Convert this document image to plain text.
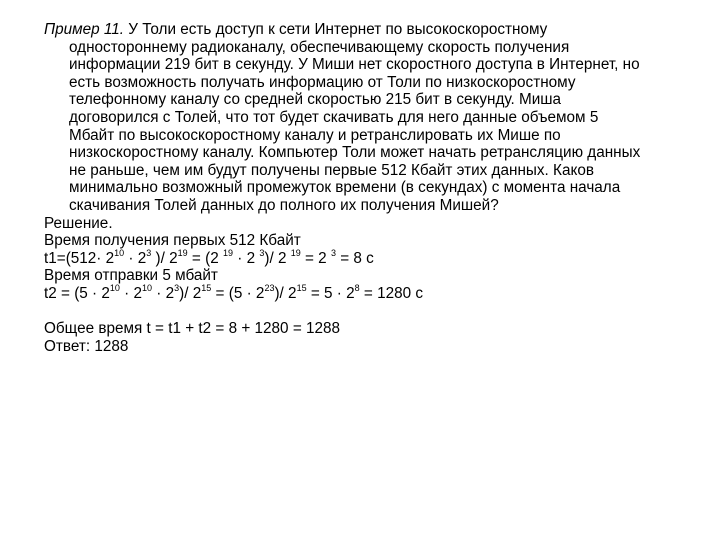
Пример 11. У Толи есть доступ к сети Интернет по высокоскоростному

одностороннему радиоканалу, обеспечивающему скорость получения

информации 219 бит в секунду. У Миши нет скоростного доступа в Интернет, но

есть возможность получать информацию от Толи по низкоскоростному

телефонному каналу со средней скоростью 215 бит в секунду. Миша

договорился с Толей, что тот будет скачивать для него данные объемом 5

Мбайт по высокоскоростному каналу и ретранслировать их Мише по

низкоскоростному каналу. Компьютер Толи может начать ретрансляцию данных

не раньше, чем им будут получены первые 512 Кбайт этих данных. Каков

минимально возможный промежуток времени (в секундах) с момента начала

скачивания Толей данных до полного их получения Мишей?

Решение.

Время получения первых 512 Кбайт

$t1=(512\cdot 2^{10} \cdot 2^3$ )/ $2^{19} = (2$ $^{19}$ · 2 $^3$)/ 2 $^{19}$ = 2 $^3$ = 8 с

Время отправки 5 мбайт

$t2 = (5 \cdot 2^{10} \cdot 2^{10} \cdot 2^3)/$ $2^{15} = (5 \cdot 2^{23})/$ $2^{15} = 5 \cdot 2^8 = 1280$ с

Общее время t = t1 + t2 = 8 + 1280 = 1288

Ответ: 1288
